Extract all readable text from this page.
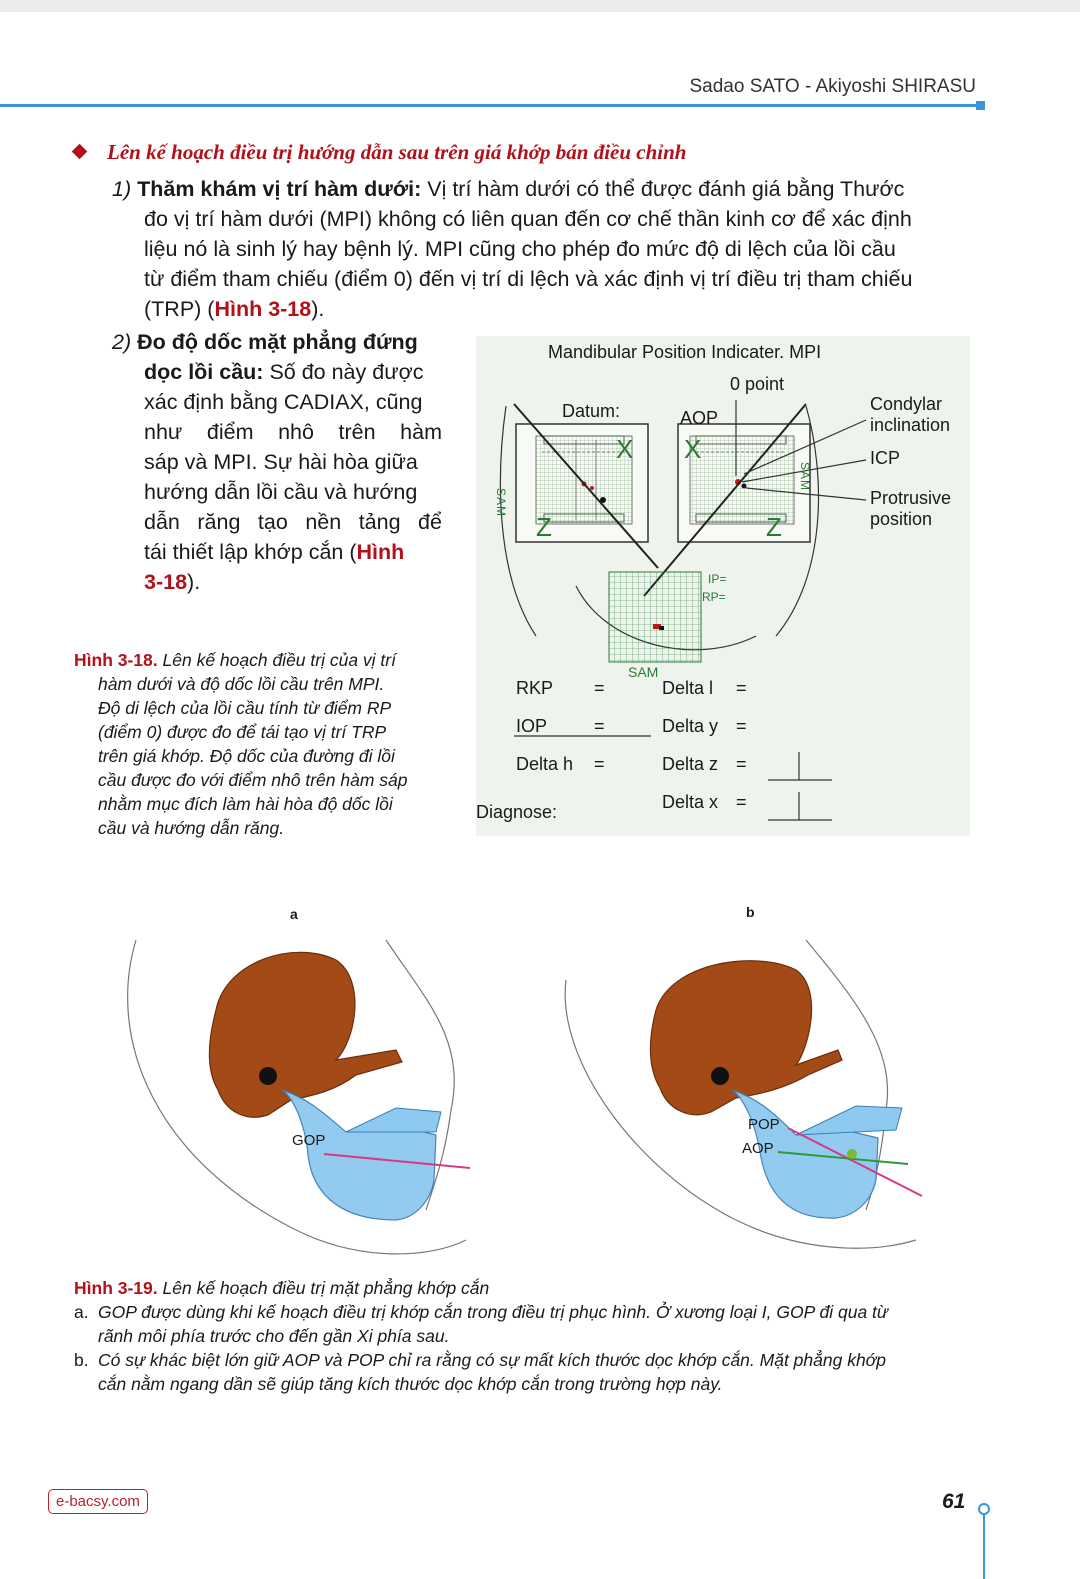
Sadao SATO - Akiyoshi SHIRASU
Lên kế hoạch điều trị hướng dẫn sau trên giá khớp bán điều chỉnh
1) Thăm khám vị trí hàm dưới: Vị trí hàm dưới có thể được đánh giá bằng Thước
đo vị trí hàm dưới (MPI) không có liên quan đến cơ chế thần kinh cơ để xác định
liệu nó là sinh lý hay bệnh lý. MPI cũng cho phép đo mức độ di lệch của lồi cầu
từ điểm tham chiếu (điểm 0) đến vị trí di lệch và xác định vị trí điều trị tham chiếu
(TRP) (Hình 3-18).
2) Đo độ dốc mặt phẳng đứng
dọc lồi cầu: Số đo này được
xác định bằng CADIAX, cũng
như điểm nhô trên hàm
sáp và MPI. Sự hài hòa giữa
hướng dẫn lồi cầu và hướng
dẫn răng tạo nền tảng để
tái thiết lập khớp cắn (Hình
3-18).
Hình 3-18. Lên kế hoạch điều trị của vị trí
hàm dưới và độ dốc lồi cầu trên MPI.
Độ di lệch của lồi cầu tính từ điểm RP
(điểm 0) được đo để tái tạo vị trí TRP
trên giá khớp. Độ dốc của đường đi lồi
cầu được đo với điểm nhô trên hàm sáp
nhằm mục đích làm hài hòa độ dốc lồi
cầu và hướng dẫn răng.
Mandibular Position Indicater. MPI
0 point
Datum:	AOP
Condylar
inclination
ICP
Protrusive
position
SAM
SAM
X X
Z	Z
IP=
RP=
SAM
RKP =	Delta l =
IOP	=	Delta y =
Delta h =	Delta z =
Delta x =
Diagnose:
a	b
GOP
POP
AOP
Hình 3-19. Lên kế hoạch điều trị mặt phẳng khớp cắn
a. GOP được dùng khi kế hoạch điều trị khớp cắn trong điều trị phục hình. Ở xương loại I, GOP đi qua từ
rãnh môi phía trước cho đến gần Xi phía sau.
b. Có sự khác biệt lớn giữ AOP và POP chỉ ra rằng có sự mất kích thước dọc khớp cắn. Mặt phẳng khớp
cắn nằm ngang dần sẽ giúp tăng kích thước dọc khớp cắn trong trường hợp này.
e-bacsy.com	61
